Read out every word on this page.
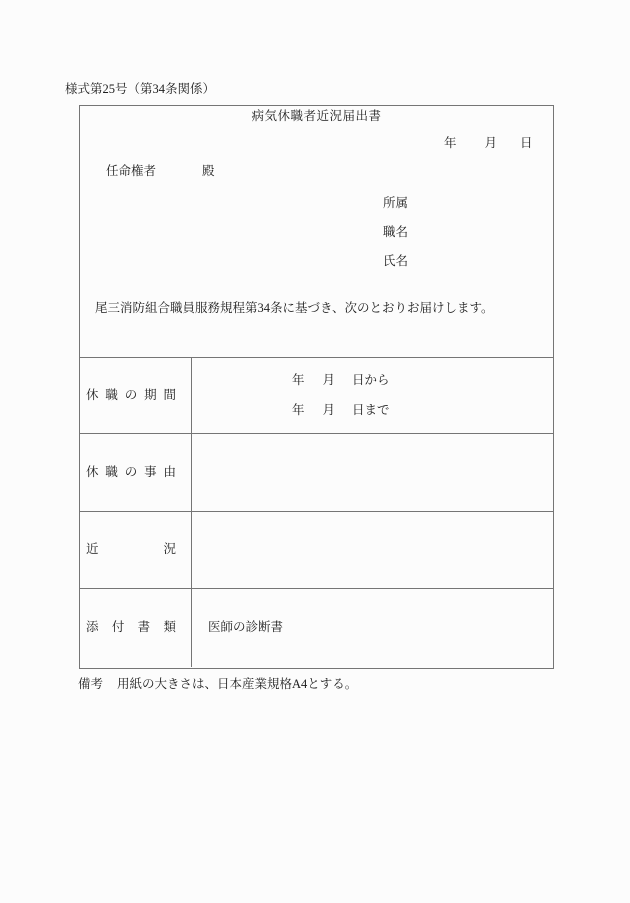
様式第25号（第34条関係）
病気休職者近況届出書
年 月 日
任命権者	殿
所属
職名
氏名
尾三消防組合職員服務規程第34条に基づき、次のとおりお届けします。
休 職 の 期 間
年 月 日から
年 月 日まで
休 職 の 事 由
近	況
添 付 書 類	医師の診断書
備考 用紙の大きさは、日本産業規格A4とする。
